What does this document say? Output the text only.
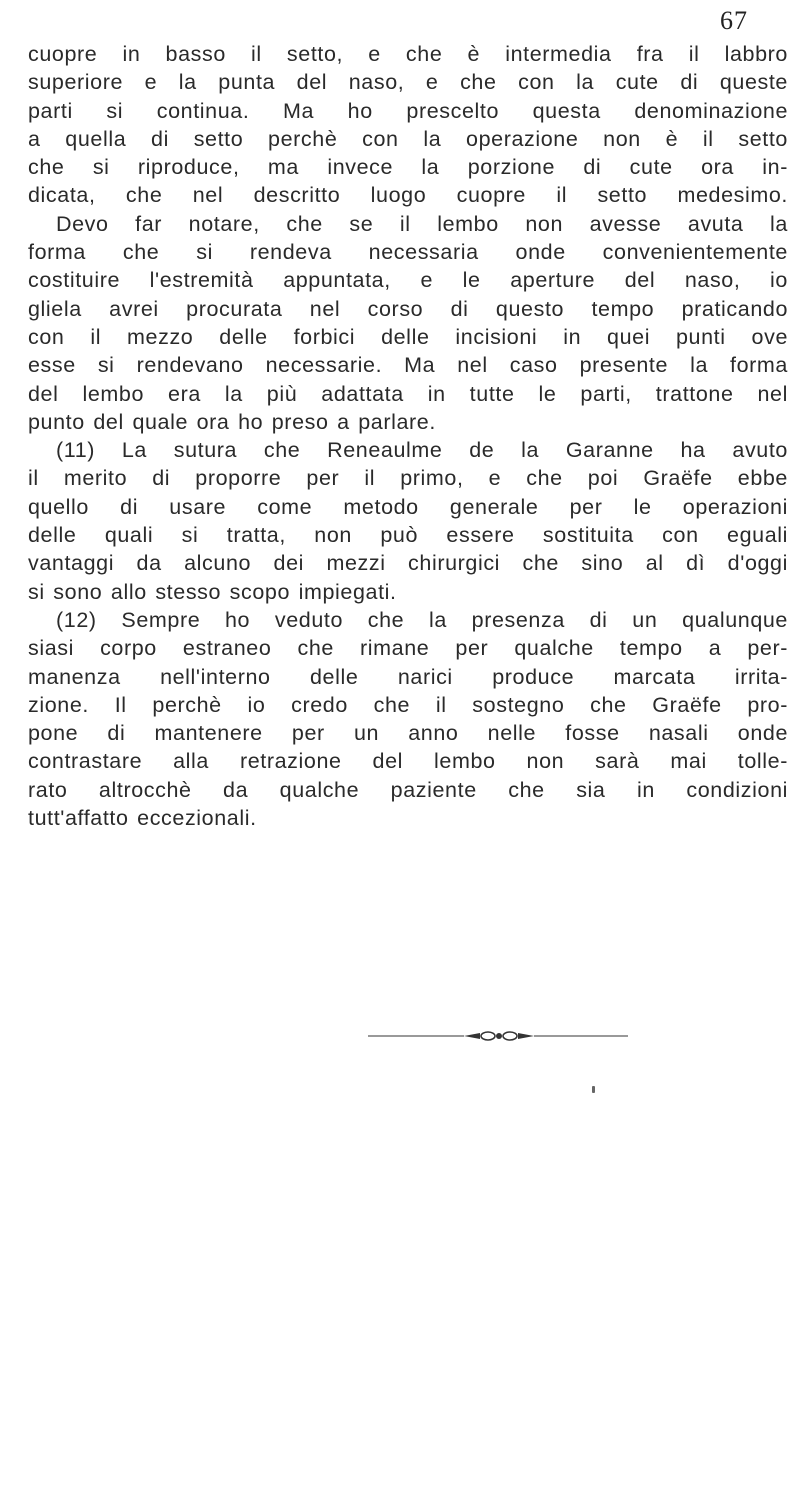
67
cuopre in basso il setto, e che è intermedia fra il labbro
superiore e la punta del naso, e che con la cute di queste
parti si continua. Ma ho prescelto questa denominazione
a quella di setto perchè con la operazione non è il setto
che si riproduce, ma invece la porzione di cute ora in-
dicata, che nel descritto luogo cuopre il setto medesimo.
Devo far notare, che se il lembo non avesse avuta la
forma che si rendeva necessaria onde convenientemente
costituire l'estremità appuntata, e le aperture del naso, io
gliela avrei procurata nel corso di questo tempo praticando
con il mezzo delle forbici delle incisioni in quei punti ove
esse si rendevano necessarie. Ma nel caso presente la forma
del lembo era la più adattata in tutte le parti, trattone nel
punto del quale ora ho preso a parlare.
(11) La sutura che Reneaulme de la Garanne ha avuto
il merito di proporre per il primo, e che poi Graëfe ebbe
quello di usare come metodo generale per le operazioni
delle quali si tratta, non può essere sostituita con eguali
vantaggi da alcuno dei mezzi chirurgici che sino al dì d'oggi
si sono allo stesso scopo impiegati.
(12) Sempre ho veduto che la presenza di un qualunque
siasi corpo estraneo che rimane per qualche tempo a per-
manenza nell'interno delle narici produce marcata irrita-
zione. Il perchè io credo che il sostegno che Graëfe pro-
pone di mantenere per un anno nelle fosse nasali onde
contrastare alla retrazione del lembo non sarà mai tolle-
rato altrocchè da qualche paziente che sia in condizioni
tutt'affatto eccezionali.
